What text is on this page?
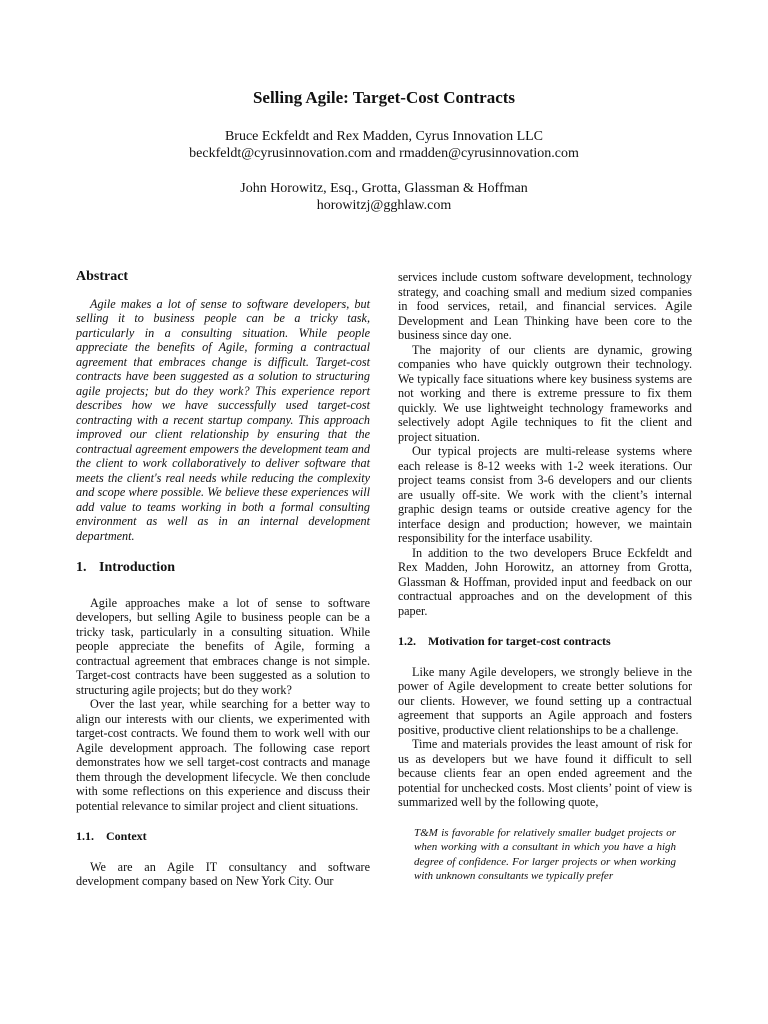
Selling Agile: Target-Cost Contracts
Bruce Eckfeldt and Rex Madden, Cyrus Innovation LLC
beckfeldt@cyrusinnovation.com and rmadden@cyrusinnovation.com
John Horowitz, Esq., Grotta, Glassman & Hoffman
horowitzj@gghlaw.com
Abstract

Agile makes a lot of sense to software developers, but selling it to business people can be a tricky task, particularly in a consulting situation. While people appreciate the benefits of Agile, forming a contractual agreement that embraces change is difficult. Target-cost contracts have been suggested as a solution to structuring agile projects; but do they work? This experience report describes how we have successfully used target-cost contracting with a recent startup company. This approach improved our client relationship by ensuring that the contractual agreement empowers the development team and the client to work collaboratively to deliver software that meets the client's real needs while reducing the complexity and scope where possible. We believe these experiences will add value to teams working in both a formal consulting environment as well as in an internal development department.

1. Introduction

Agile approaches make a lot of sense to software developers, but selling Agile to business people can be a tricky task, particularly in a consulting situation. While people appreciate the benefits of Agile, forming a contractual agreement that embraces change is not simple. Target-cost contracts have been suggested as a solution to structuring agile projects; but do they work?

Over the last year, while searching for a better way to align our interests with our clients, we experimented with target-cost contracts. We found them to work well with our Agile development approach. The following case report demonstrates how we sell target-cost contracts and manage them through the development lifecycle. We then conclude with some reflections on this experience and discuss their potential relevance to similar project and client situations.

1.1. Context

We are an Agile IT consultancy and software development company based on New York City. Our

services include custom software development, technology strategy, and coaching small and medium sized companies in food services, retail, and financial services. Agile Development and Lean Thinking have been core to the business since day one.

The majority of our clients are dynamic, growing companies who have quickly outgrown their technology. We typically face situations where key business systems are not working and there is extreme pressure to fix them quickly. We use lightweight technology frameworks and selectively adopt Agile techniques to fit the client and project situation.

Our typical projects are multi-release systems where each release is 8-12 weeks with 1-2 week iterations. Our project teams consist from 3-6 developers and our clients are usually off-site. We work with the client’s internal graphic design teams or outside creative agency for the interface design and production; however, we maintain responsibility for the interface usability.

In addition to the two developers Bruce Eckfeldt and Rex Madden, John Horowitz, an attorney from Grotta, Glassman & Hoffman, provided input and feedback on our contractual approaches and on the development of this paper.

1.2. Motivation for target-cost contracts

Like many Agile developers, we strongly believe in the power of Agile development to create better solutions for our clients. However, we found setting up a contractual agreement that supports an Agile approach and fosters positive, productive client relationships to be a challenge.

Time and materials provides the least amount of risk for us as developers but we have found it difficult to sell because clients fear an open ended agreement and the potential for unchecked costs. Most clients’ point of view is summarized well by the following quote,

T&M is favorable for relatively smaller budget projects or when working with a consultant in which you have a high degree of confidence. For larger projects or when working with unknown consultants we typically prefer
